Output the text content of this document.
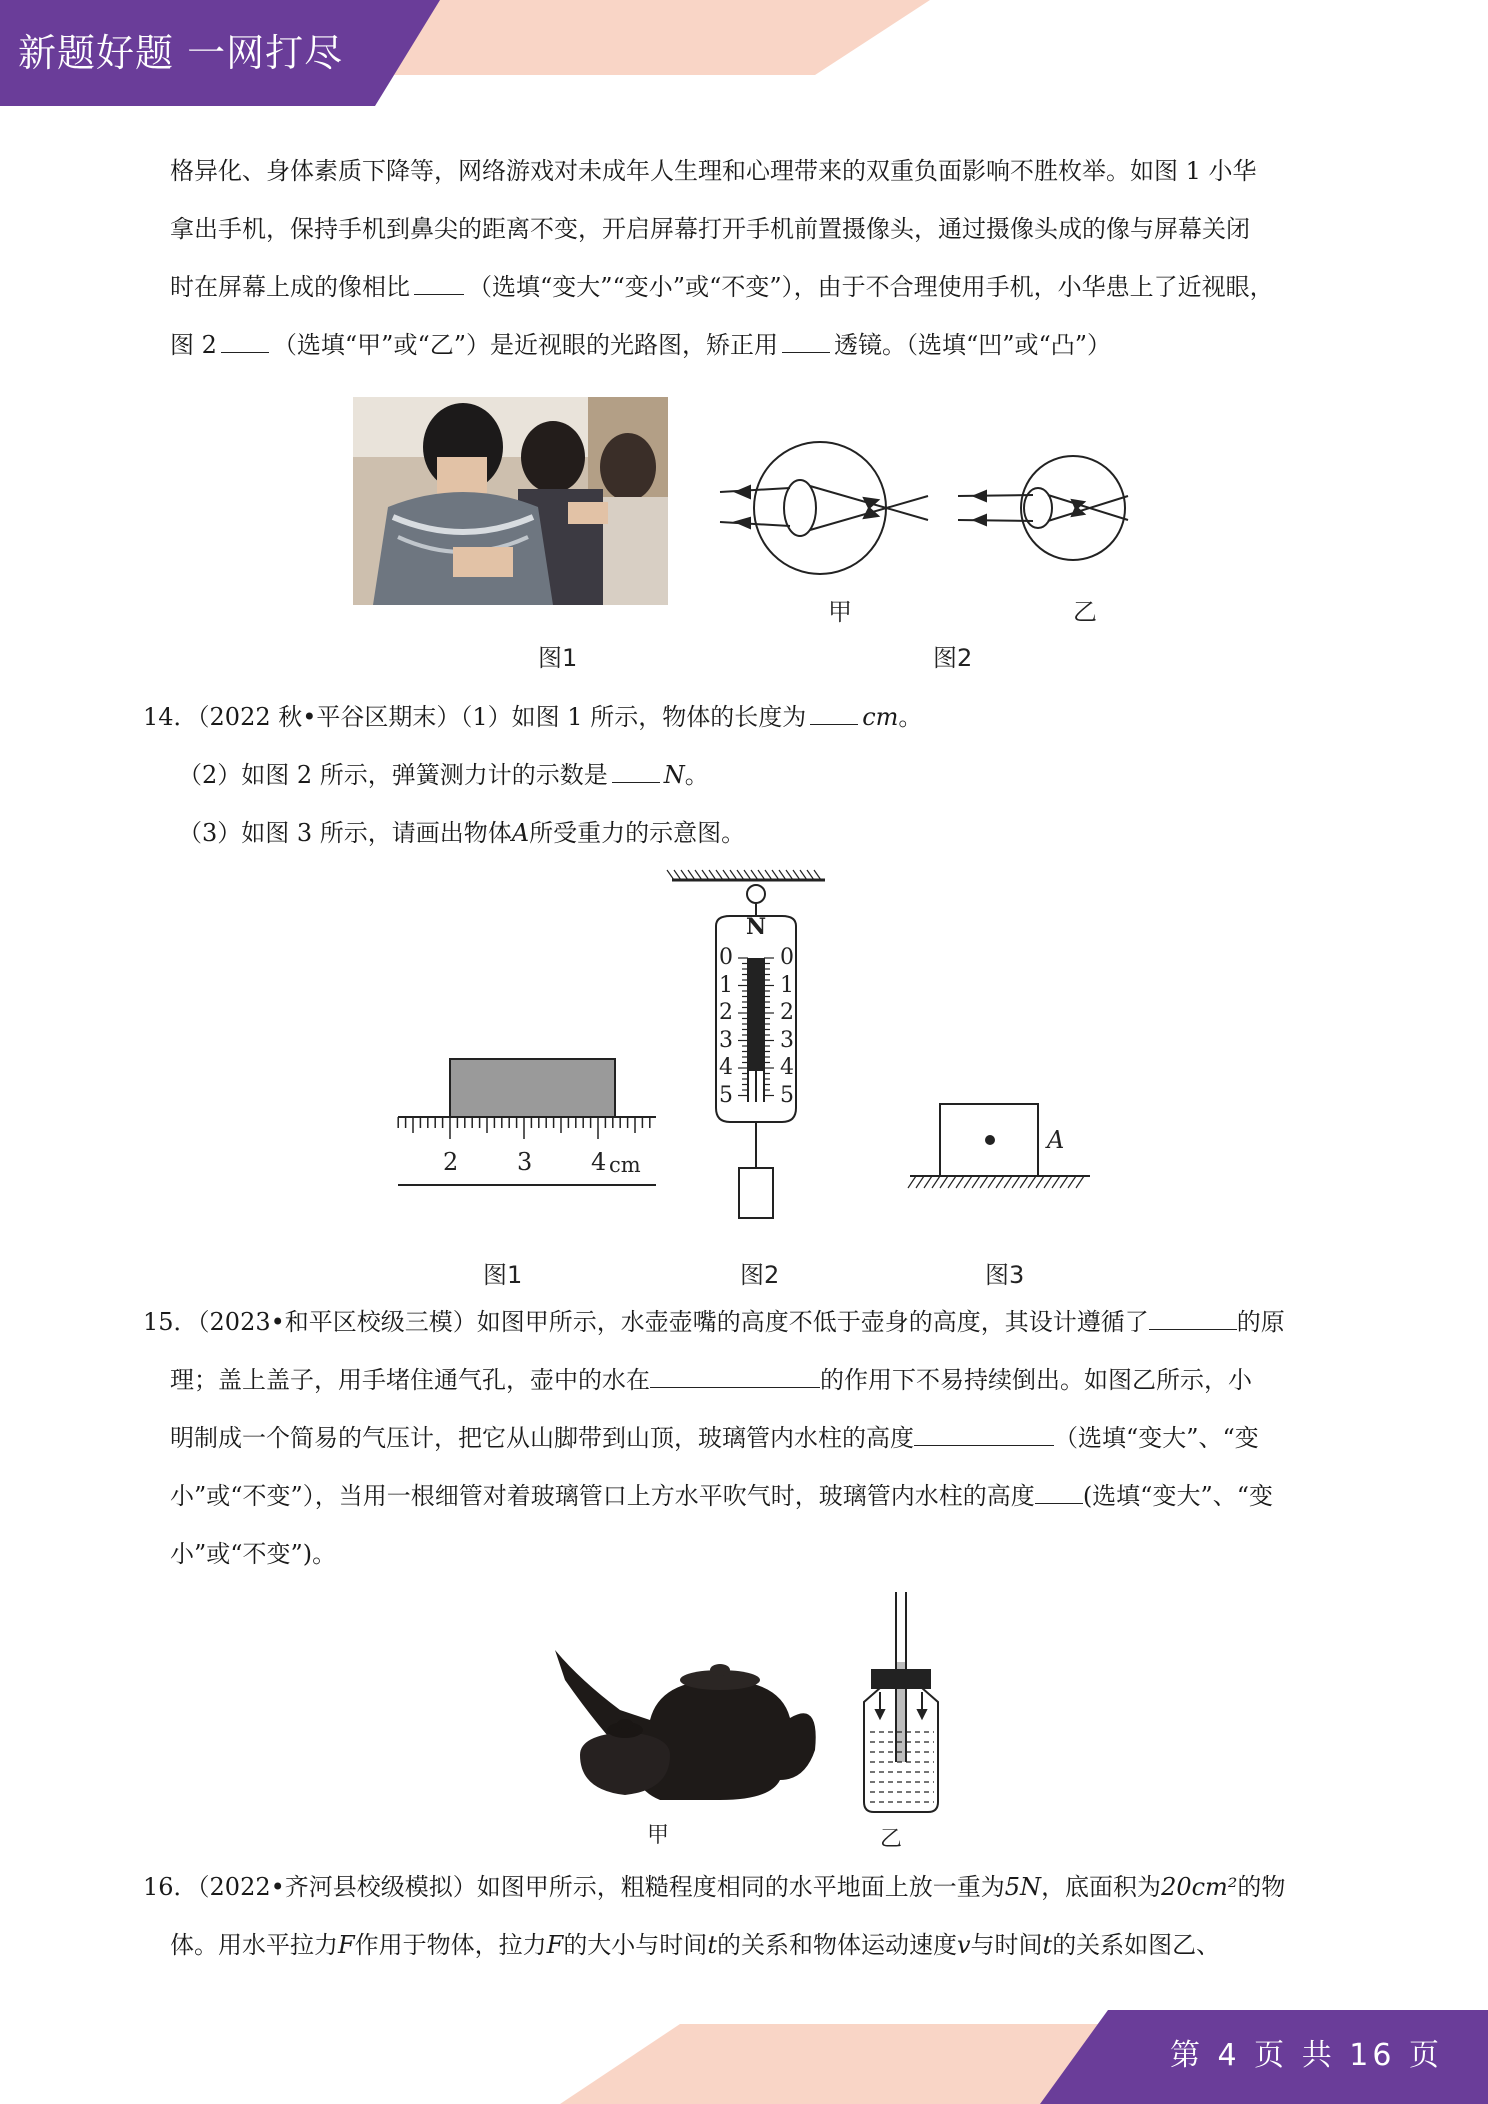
新题好题 一网打尽
格异化、身体素质下降等，网络游戏对未成年人生理和心理带来的双重负面影响不胜枚举。如图 1 小华
拿出手机，保持手机到鼻尖的距离不变，开启屏幕打开手机前置摄像头，通过摄像头成的像与屏幕关闭
时在屏幕上成的像相比 （选填“变大”“变小”或“不变”），由于不合理使用手机，小华患上了近视眼，
图 2 （选填“甲”或“乙”）是近视眼的光路图，矫正用 透镜。（选填“凹”或“凸”）
图1
甲	乙
图2
14．（2022 秋•平谷区期末）（1）如图 1 所示，物体的长度为 cm。
（2）如图 2 所示，弹簧测力计的示数是 N。
（3）如图 3 所示，请画出物体A所受重力的示意图。
2 3 4 cm
图1
N
0 0
1 1
2 2
3 3
4 4
5 5
图2
A
图3
15．（2023•和平区校级三模）如图甲所示，水壶壶嘴的高度不低于壶身的高度，其设计遵循了	的原
理；盖上盖子，用手堵住通气孔，壶中的水在	的作用下不易持续倒出。如图乙所示，小
明制成一个简易的气压计，把它从山脚带到山顶，玻璃管内水柱的高度	（选填“变大”、“变
小”或“不变”），当用一根细管对着玻璃管口上方水平吹气时，玻璃管内水柱的高度 (选填“变大”、“变
小”或“不变”)。
甲	乙
16．（2022•齐河县校级模拟）如图甲所示，粗糙程度相同的水平地面上放一重为5N，底面积为20cm²的物
体。用水平拉力F作用于物体，拉力F的大小与时间t的关系和物体运动速度v与时间t的关系如图乙、
第 4 页 共 16 页
